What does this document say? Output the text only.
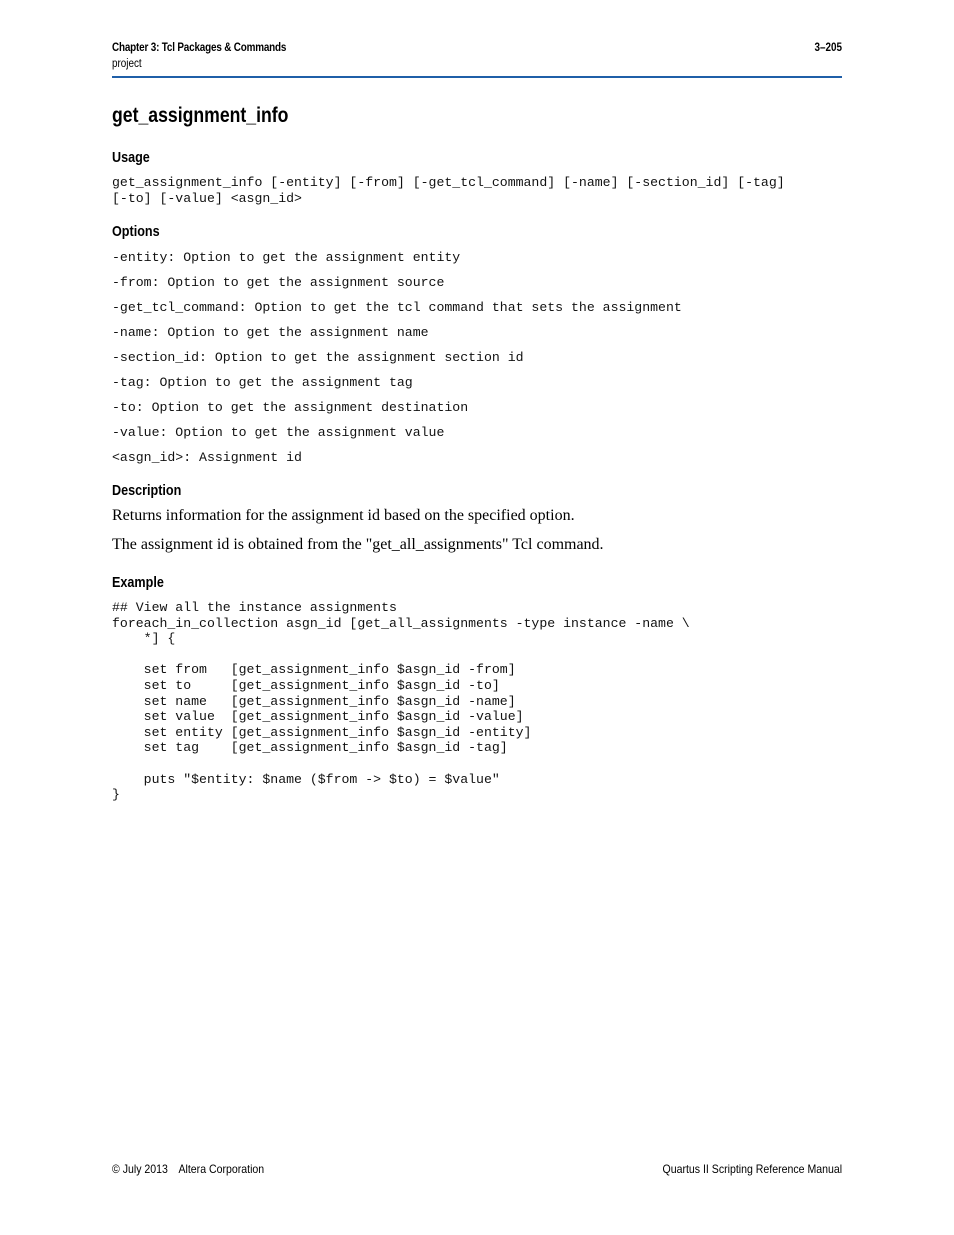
Chapter 3: Tcl Packages & Commands
project
3–205
get_assignment_info
Usage
get_assignment_info [-entity] [-from] [-get_tcl_command] [-name] [-section_id] [-tag]
[-to] [-value] <asgn_id>
Options
-entity: Option to get the assignment entity
-from: Option to get the assignment source
-get_tcl_command: Option to get the tcl command that sets the assignment
-name: Option to get the assignment name
-section_id: Option to get the assignment section id
-tag: Option to get the assignment tag
-to: Option to get the assignment destination
-value: Option to get the assignment value
<asgn_id>: Assignment id
Description
Returns information for the assignment id based on the specified option.
The assignment id is obtained from the "get_all_assignments" Tcl command.
Example
## View all the instance assignments
foreach_in_collection asgn_id [get_all_assignments -type instance -name \
*] {

set from   [get_assignment_info $asgn_id -from]
set to     [get_assignment_info $asgn_id -to]
set name   [get_assignment_info $asgn_id -name]
set value  [get_assignment_info $asgn_id -value]
set entity [get_assignment_info $asgn_id -entity]
set tag    [get_assignment_info $asgn_id -tag]

puts "$entity: $name ($from -> $to) = $value"
}
© July 2013 Altera Corporation	Quartus II Scripting Reference Manual
